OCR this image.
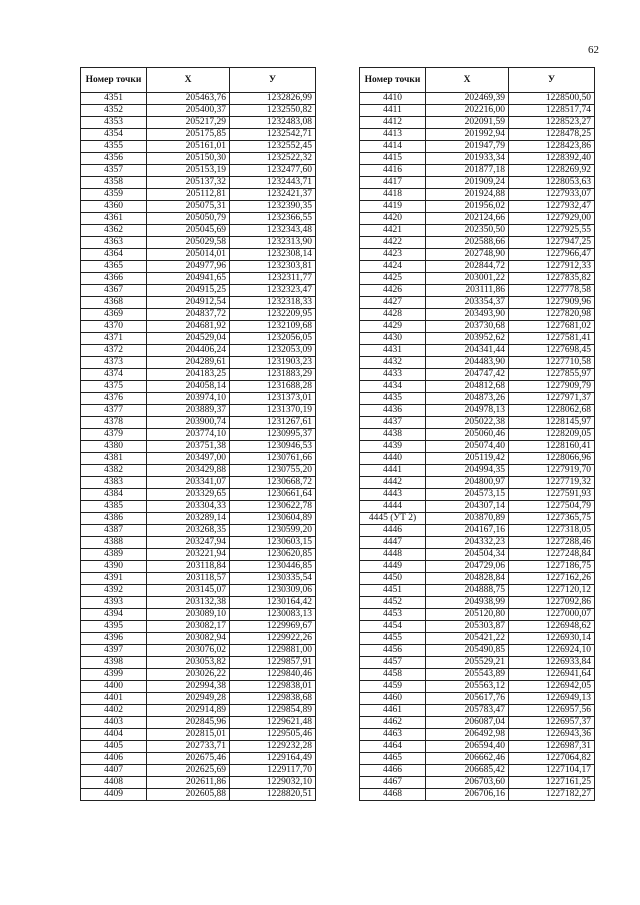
62
Номер точки	X	У
4351	205463,76	1232826,99
4352	205400,37	1232550,82
4353	205217,29	1232483,08
4354	205175,85	1232542,71
4355	205161,01	1232552,45
4356	205150,30	1232522,32
4357	205153,19	1232477,60
4358	205137,32	1232443,71
4359	205112,81	1232421,37
4360	205075,31	1232390,35
4361	205050,79	1232366,55
4362	205045,69	1232343,48
4363	205029,58	1232313,90
4364	205014,01	1232308,14
4365	204977,96	1232303,81
4366	204941,65	1232311,77
4367	204915,25	1232323,47
4368	204912,54	1232318,33
4369	204837,72	1232209,95
4370	204681,92	1232109,68
4371	204529,04	1232056,05
4372	204406,24	1232053,09
4373	204289,61	1231903,23
4374	204183,25	1231883,29
4375	204058,14	1231688,28
4376	203974,10	1231373,01
4377	203889,37	1231370,19
4378	203900,74	1231267,61
4379	203774,10	1230995,37
4380	203751,38	1230946,53
4381	203497,00	1230761,66
4382	203429,88	1230755,20
4383	203341,07	1230668,72
4384	203329,65	1230661,64
4385	203304,33	1230622,78
4386	203289,14	1230604,89
4387	203268,35	1230599,20
4388	203247,94	1230603,15
4389	203221,94	1230620,85
4390	203118,84	1230446,85
4391	203118,57	1230335,54
4392	203145,07	1230309,06
4393	203132,38	1230164,42
4394	203089,10	1230083,13
4395	203082,17	1229969,67
4396	203082,94	1229922,26
4397	203076,02	1229881,00
4398	203053,82	1229857,91
4399	203026,22	1229840,46
4400	202994,38	1229838,01
4401	202949,28	1229838,68
4402	202914,89	1229854,89
4403	202845,96	1229621,48
4404	202815,01	1229505,46
4405	202733,71	1229232,28
4406	202675,46	1229164,49
4407	202625,69	1229117,70
4408	202611,86	1229032,10
4409	202605,88	1228820,51
Номер точки	X	У
4410	202469,39	1228500,50
4411	202216,00	1228517,74
4412	202091,59	1228523,27
4413	201992,94	1228478,25
4414	201947,79	1228423,86
4415	201933,34	1228392,40
4416	201877,18	1228269,92
4417	201909,24	1228053,63
4418	201924,88	1227933,07
4419	201956,02	1227932,47
4420	202124,66	1227929,00
4421	202350,50	1227925,55
4422	202588,66	1227947,25
4423	202748,90	1227966,47
4424	202844,72	1227912,33
4425	203001,22	1227835,82
4426	203111,86	1227778,58
4427	203354,37	1227909,96
4428	203493,90	1227820,98
4429	203730,68	1227681,02
4430	203952,62	1227581,41
4431	204341,44	1227698,45
4432	204483,90	1227710,58
4433	204747,42	1227855,97
4434	204812,68	1227909,79
4435	204873,26	1227971,37
4436	204978,13	1228062,68
4437	205022,38	1228145,97
4438	205060,46	1228209,05
4439	205074,40	1228160,41
4440	205119,42	1228066,96
4441	204994,35	1227919,70
4442	204800,97	1227719,32
4443	204573,15	1227591,93
4444	204307,14	1227504,79
4445 (УТ 2)	203870,89	1227365,75
4446	204167,16	1227318,05
4447	204332,23	1227288,46
4448	204504,34	1227248,84
4449	204729,06	1227186,75
4450	204828,84	1227162,26
4451	204888,75	1227120,12
4452	204938,99	1227092,86
4453	205120,80	1227000,07
4454	205303,87	1226948,62
4455	205421,22	1226930,14
4456	205490,85	1226924,10
4457	205529,21	1226933,84
4458	205543,89	1226941,64
4459	205563,12	1226942,05
4460	205617,76	1226949,13
4461	205783,47	1226957,56
4462	206087,04	1226957,37
4463	206492,98	1226943,36
4464	206594,40	1226987,31
4465	206662,46	1227064,82
4466	206685,42	1227104,17
4467	206703,60	1227161,25
4468	206706,16	1227182,27
